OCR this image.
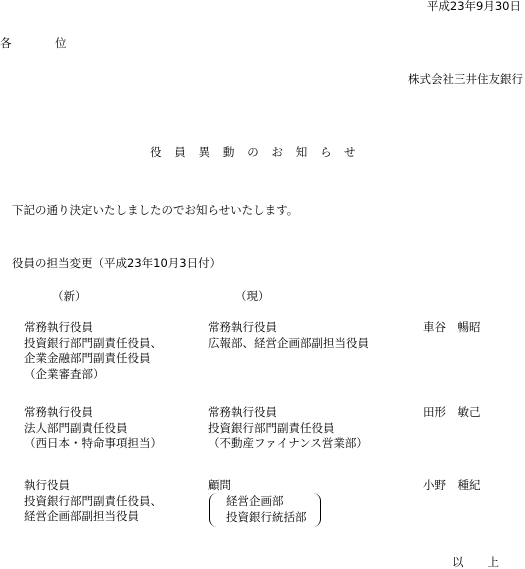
平成23年9月30日
各　位
株式会社三井住友銀行
役員異動のお知らせ
下記の通り決定いたしましたのでお知らせいたします。
役員の担当変更（平成23年10月3日付）
（新）	（現）
常務執行役員
投資銀行部門副責任役員、
企業金融部門副責任役員
（企業審査部）
常務執行役員
広報部、経営企画部副担当役員
車谷　暢昭
常務執行役員
法人部門副責任役員
（西日本・特命事項担当）
常務執行役員
投資銀行部門副責任役員
（不動産ファイナンス営業部）
田形　敏己
執行役員
投資銀行部門副責任役員、
経営企画部副担当役員
顧問
経営企画部
投資銀行統括部
小野　種紀
以上
